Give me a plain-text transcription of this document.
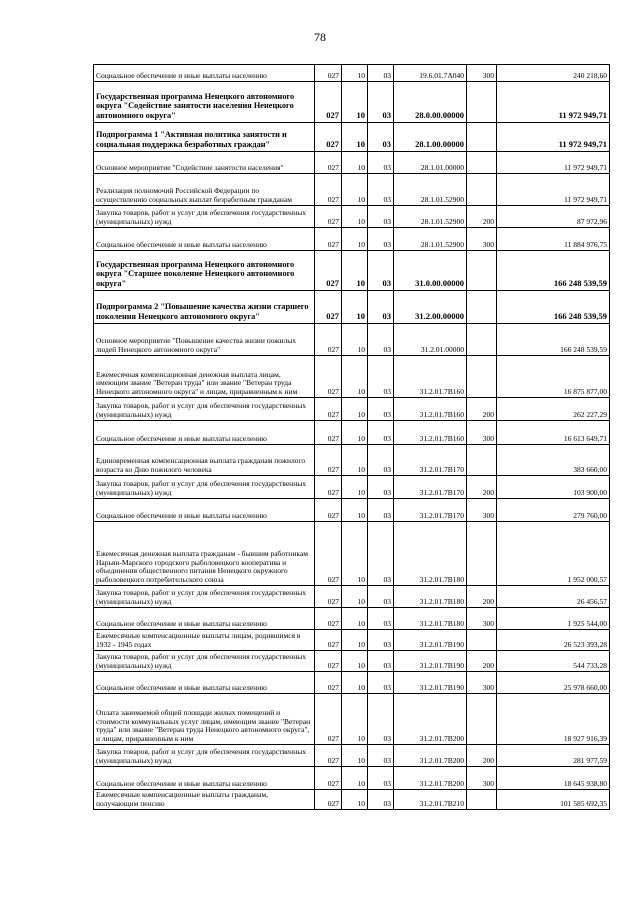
78
Социальное обеспечение и иные выплаты населению	027	10	03	19.6.01.7А040	300	240 218,60
Государственная программа Ненецкого автономного округа "Содействие занятости населения Ненецкого автономного округа"	027	10	03	28.0.00.00000		11 972 949,71
Подпрограмма 1 "Активная политика занятости и социальная поддержка безработных граждан"	027	10	03	28.1.00.00000		11 972 949,71
Основное мероприятие "Содействие занятости населения"	027	10	03	28.1.01.00000		11 972 949,71
Реализация полномочий Российской Федерации по осуществлению социальных выплат безработным гражданам	027	10	03	28.1.01.52900		11 972 949,71
Закупка товаров, работ и услуг для обеспечения государственных (муниципальных) нужд	027	10	03	28.1.01.52900	200	87 972,96
Социальное обеспечение и иные выплаты населению	027	10	03	28.1.01.52900	300	11 884 976,75
Государственная программа Ненецкого автономного округа "Старшее поколение Ненецкого автономного округа"	027	10	03	31.0.00.00000		166 248 539,59
Подпрограмма 2 "Повышение качества жизни старшего поколения Ненецкого автономного округа"	027	10	03	31.2.00.00000		166 248 539,59
Основное мероприятие "Повышение качества жизни пожилых людей Ненецкого автономного округа"	027	10	03	31.2.01.00000		166 248 539,59
Ежемесячная компенсационная денежная выплата лицам, имеющим звание "Ветеран труда" или звание "Ветеран труда Ненецкого автономного округа" и лицам, приравненным к ним	027	10	03	31.2.01.7В160		16 875 877,00
Закупка товаров, работ и услуг для обеспечения государственных (муниципальных) нужд	027	10	03	31.2.01.7В160	200	262 227,29
Социальное обеспечение и иные выплаты населению	027	10	03	31.2.01.7В160	300	16 613 649,71
Единовременная компенсационная выплата гражданам пожилого возраста ко Дню пожилого человека	027	10	03	31.2.01.7В170		383 660,00
Закупка товаров, работ и услуг для обеспечения государственных (муниципальных) нужд	027	10	03	31.2.01.7В170	200	103 900,00
Социальное обеспечение и иные выплаты населению	027	10	03	31.2.01.7В170	300	279 760,00
Ежемесячная денежная выплата гражданам - бывшим работникам Нарьян-Марского городского рыболовецкого кооператива и объединения общественного питания Ненецкого окружного рыболовецкого потребительского союза	027	10	03	31.2.01.7В180		1 952 000,57
Закупка товаров, работ и услуг для обеспечения государственных (муниципальных) нужд	027	10	03	31.2.01.7В180	200	26 456,57
Социальное обеспечение и иные выплаты населению	027	10	03	31.2.01.7В180	300	1 925 544,00
Ежемесячные компенсационные выплаты лицам, родившимся в 1932 - 1945 годах	027	10	03	31.2.01.7В190		26 523 393,28
Закупка товаров, работ и услуг для обеспечения государственных (муниципальных) нужд	027	10	03	31.2.01.7В190	200	544 733,28
Социальное обеспечение и иные выплаты населению	027	10	03	31.2.01.7В190	300	25 978 660,00
Оплата занимаемой общей площади жилых помещений и стоимости коммунальных услуг лицам, имеющим звание "Ветеран труда" или звание "Ветеран труда Ненецкого автономного округа", и лицам, приравненным к ним	027	10	03	31.2.01.7В200		18 927 916,39
Закупка товаров, работ и услуг для обеспечения государственных (муниципальных) нужд	027	10	03	31.2.01.7В200	200	281 977,59
Социальное обеспечение и иные выплаты населению	027	10	03	31.2.01.7В200	300	18 645 938,80
Ежемесячные компенсационные выплаты гражданам, получающим пенсию	027	10	03	31.2.01.7В210		101 585 692,35
